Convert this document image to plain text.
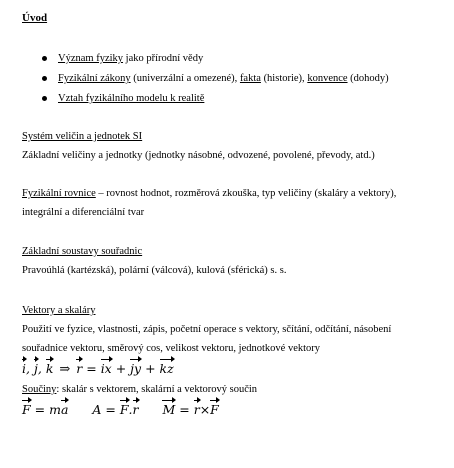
Úvod
Význam fyziky jako přírodní vědy
Fyzikální zákony (univerzální a omezené), fakta (historie), konvence (dohody)
Vztah fyzikálního modelu k realitě
Systém veličin a jednotek SI
Základní veličiny a jednotky (jednotky násobné, odvozené, povolené, převody, atd.)
Fyzikální rovnice – rovnost hodnot, rozměrová zkouška, typ veličiny (skaláry a vektory),
integrální a diferenciální tvar
Základní soustavy souřadnic
Pravoúhlá (kartézská), polární (válcová), kulová (sférická) s. s.
Vektory a skaláry
Použití ve fyzice, vlastnosti, zápis, početní operace s vektory, sčítání, odčítání, násobení
souřadnice vektoru, směrový cos, velikost vektoru, jednotkové vektory
i, j, k ⇒ r = ix + jy + kz
Součiny: skalár s vektorem, skalární a vektorový součin
F = ma A = F.r M = r×F
